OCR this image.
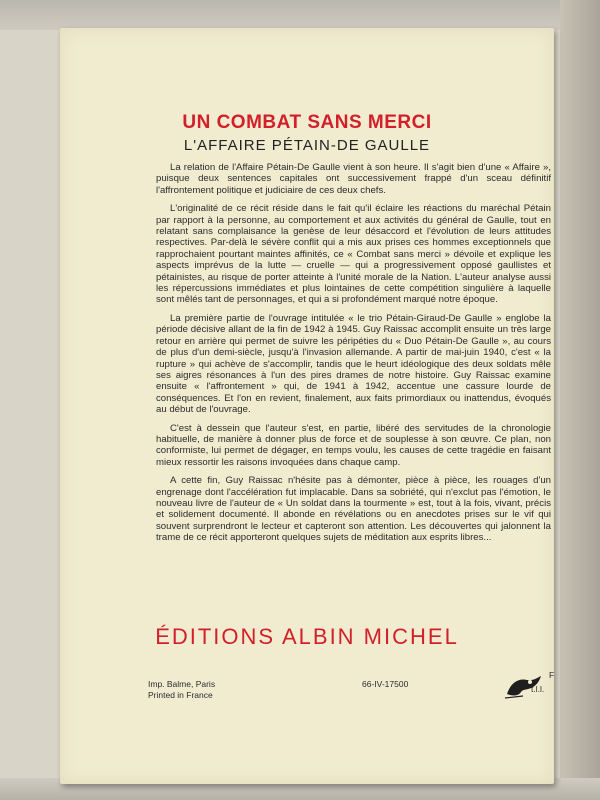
UN COMBAT SANS MERCI
L'AFFAIRE PÉTAIN-DE GAULLE

La relation de l'Affaire Pétain-De Gaulle vient à son heure. Il s'agit bien d'une « Affaire », puisque deux sentences capitales ont successivement frappé d'un sceau définitif l'affrontement politique et judiciaire de ces deux chefs.

L'originalité de ce récit réside dans le fait qu'il éclaire les réactions du maréchal Pétain par rapport à la personne, au comportement et aux activités du général de Gaulle, tout en relatant sans complaisance la genèse de leur désaccord et l'évolution de leurs attitudes respectives. Par-delà le sévère conflit qui a mis aux prises ces hommes exceptionnels que rapprochaient pourtant maintes affinités, ce « Combat sans merci » dévoile et explique les aspects imprévus de la lutte — cruelle — qui a progressivement opposé gaullistes et pétainistes, au risque de porter atteinte à l'unité morale de la Nation. L'auteur analyse aussi les répercussions immédiates et plus lointaines de cette compétition singulière à laquelle sont mêlés tant de personnages, et qui a si profondément marqué notre époque.

La première partie de l'ouvrage intitulée « le trio Pétain-Giraud-De Gaulle » englobe la période décisive allant de la fin de 1942 à 1945. Guy Raissac accomplit ensuite un très large retour en arrière qui permet de suivre les péripéties du « Duo Pétain-De Gaulle », au cours de plus d'un demi-siècle, jusqu'à l'invasion allemande. A partir de mai-juin 1940, c'est « la rupture » qui achève de s'accomplir, tandis que le heurt idéologique des deux soldats mêle ses aigres résonances à l'un des pires drames de notre histoire. Guy Raissac examine ensuite « l'affrontement » qui, de 1941 à 1942, accentue une cassure lourde de conséquences. Et l'on en revient, finalement, aux faits primordiaux ou inattendus, évoqués au début de l'ouvrage.

C'est à dessein que l'auteur s'est, en partie, libéré des servitudes de la chronologie habituelle, de manière à donner plus de force et de souplesse à son œuvre. Ce plan, non conformiste, lui permet de dégager, en temps voulu, les causes de cette tragédie en faisant mieux ressortir les raisons invoquées dans chaque camp.

A cette fin, Guy Raissac n'hésite pas à démonter, pièce à pièce, les rouages d'un engrenage dont l'accélération fut implacable. Dans sa sobriété, qui n'exclut pas l'émotion, le nouveau livre de l'auteur de « Un soldat dans la tourmente » est, tout à la fois, vivant, précis et solidement documenté. Il abonde en révélations ou en anecdotes prises sur le vif qui souvent surprendront le lecteur et capteront son attention. Les découvertes qui jalonnent la trame de ce récit apporteront quelques sujets de méditation aux esprits libres...

ÉDITIONS ALBIN MICHEL
Imp. Balme, Paris
Printed in France
66-IV-17500
F
t.l.l.
